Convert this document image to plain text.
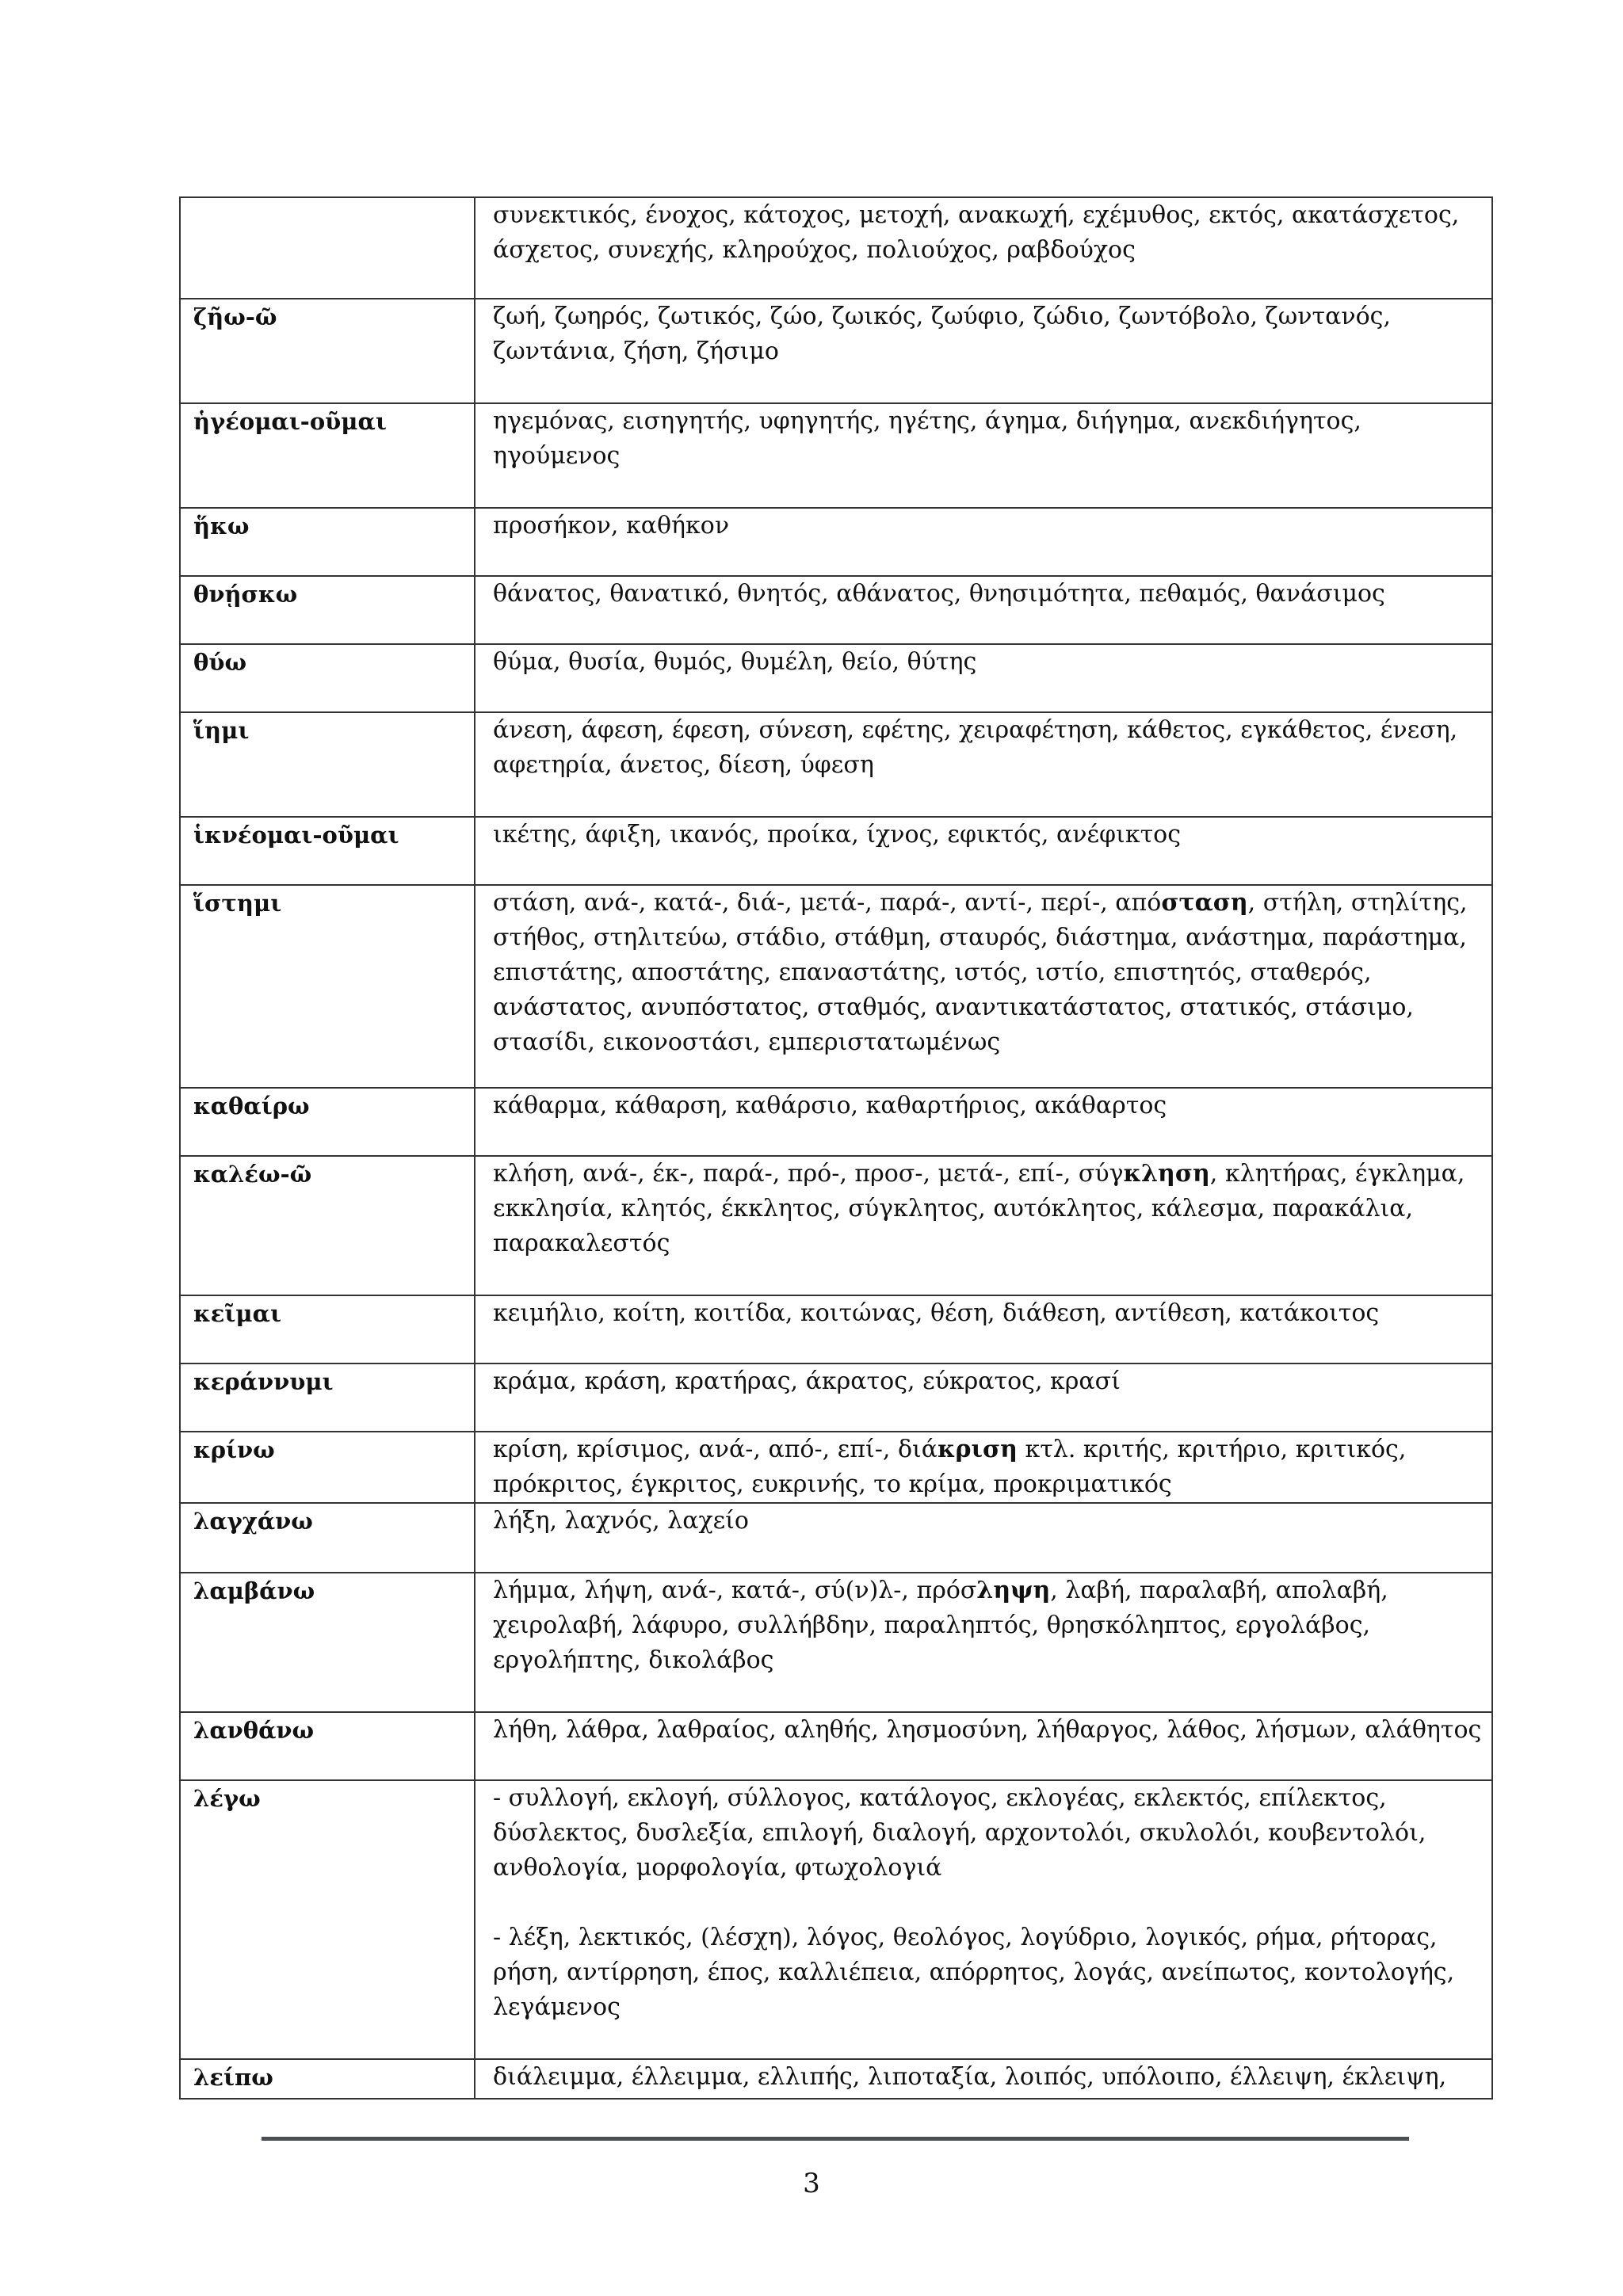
	συνεκτικός, ένοχος, κάτοχος, μετοχή, ανακωχή, εχέμυθος, εκτός, ακατάσχετος, άσχετος, συνεχής, κληρούχος, πολιούχος, ραβδούχος

ζῆω-ῶ	ζωή, ζωηρός, ζωτικός, ζώο, ζωικός, ζωύφιο, ζώδιο, ζωντόβολο, ζωντανός, ζωντάνια, ζήση, ζήσιμο

ἡγέομαι-οῦμαι	ηγεμόνας, εισηγητής, υφηγητής, ηγέτης, άγημα, διήγημα, ανεκδιήγητος, ηγούμενος

ἥκω	προσήκον, καθήκον

θνῄσκω	θάνατος, θανατικό, θνητός, αθάνατος, θνησιμότητα, πεθαμός, θανάσιμος

θύω	θύμα, θυσία, θυμός, θυμέλη, θείο, θύτης

ἵημι	άνεση, άφεση, έφεση, σύνεση, εφέτης, χειραφέτηση, κάθετος, εγκάθετος, ένεση, αφετηρία, άνετος, δίεση, ύφεση

ἱκνέομαι-οῦμαι	ικέτης, άφιξη, ικανός, προίκα, ίχνος, εφικτός, ανέφικτος

ἵστημι	στάση, ανά-, κατά-, διά-, μετά-, παρά-, αντί-, περί-, απόσταση, στήλη, στηλίτης, στήθος, στηλιτεύω, στάδιο, στάθμη, σταυρός, διάστημα, ανάστημα, παράστημα, επιστάτης, αποστάτης, επαναστάτης, ιστός, ιστίο, επιστητός, σταθερός, ανάστατος, ανυπόστατος, σταθμός, αναντικατάστατος, στατικός, στάσιμο, στασίδι, εικονοστάσι, εμπεριστατωμένως

καθαίρω	κάθαρμα, κάθαρση, καθάρσιο, καθαρτήριος, ακάθαρτος

καλέω-ῶ	κλήση, ανά-, έκ-, παρά-, πρό-, προσ-, μετά-, επί-, σύγκληση, κλητήρας, έγκλημα, εκκλησία, κλητός, έκκλητος, σύγκλητος, αυτόκλητος, κάλεσμα, παρακάλια, παρακαλεστός

κεῖμαι	κειμήλιο, κοίτη, κοιτίδα, κοιτώνας, θέση, διάθεση, αντίθεση, κατάκοιτος

κεράννυμι	κράμα, κράση, κρατήρας, άκρατος, εύκρατος, κρασί

κρίνω	κρίση, κρίσιμος, ανά-, από-, επί-, διάκριση κτλ. κριτής, κριτήριο, κριτικός, πρόκριτος, έγκριτος, ευκρινής, το κρίμα, προκριματικός

λαγχάνω	λήξη, λαχνός, λαχείο

λαμβάνω	λήμμα, λήψη, ανά-, κατά-, σύ(ν)λ-, πρόσληψη, λαβή, παραλαβή, απολαβή, χειρολαβή, λάφυρο, συλλήβδην, παραληπτός, θρησκόληπτος, εργολάβος, εργολήπτης, δικολάβος

λανθάνω	λήθη, λάθρα, λαθραίος, αληθής, λησμοσύνη, λήθαργος, λάθος, λήσμων, αλάθητος

λέγω	- συλλογή, εκλογή, σύλλογος, κατάλογος, εκλογέας, εκλεκτός, επίλεκτος, δύσλεκτος, δυσλεξία, επιλογή, διαλογή, αρχοντολόι, σκυλολόι, κουβεντολόι, ανθολογία, μορφολογία, φτωχολογιά
- λέξη, λεκτικός, (λέσχη), λόγος, θεολόγος, λογύδριο, λογικός, ρήμα, ρήτορας, ρήση, αντίρρηση, έπος, καλλιέπεια, απόρρητος, λογάς, ανείπωτος, κοντολογής, λεγάμενος

λείπω	διάλειμμα, έλλειμμα, ελλιπής, λιποταξία, λοιπός, υπόλοιπο, έλλειψη, έκλειψη,
3
